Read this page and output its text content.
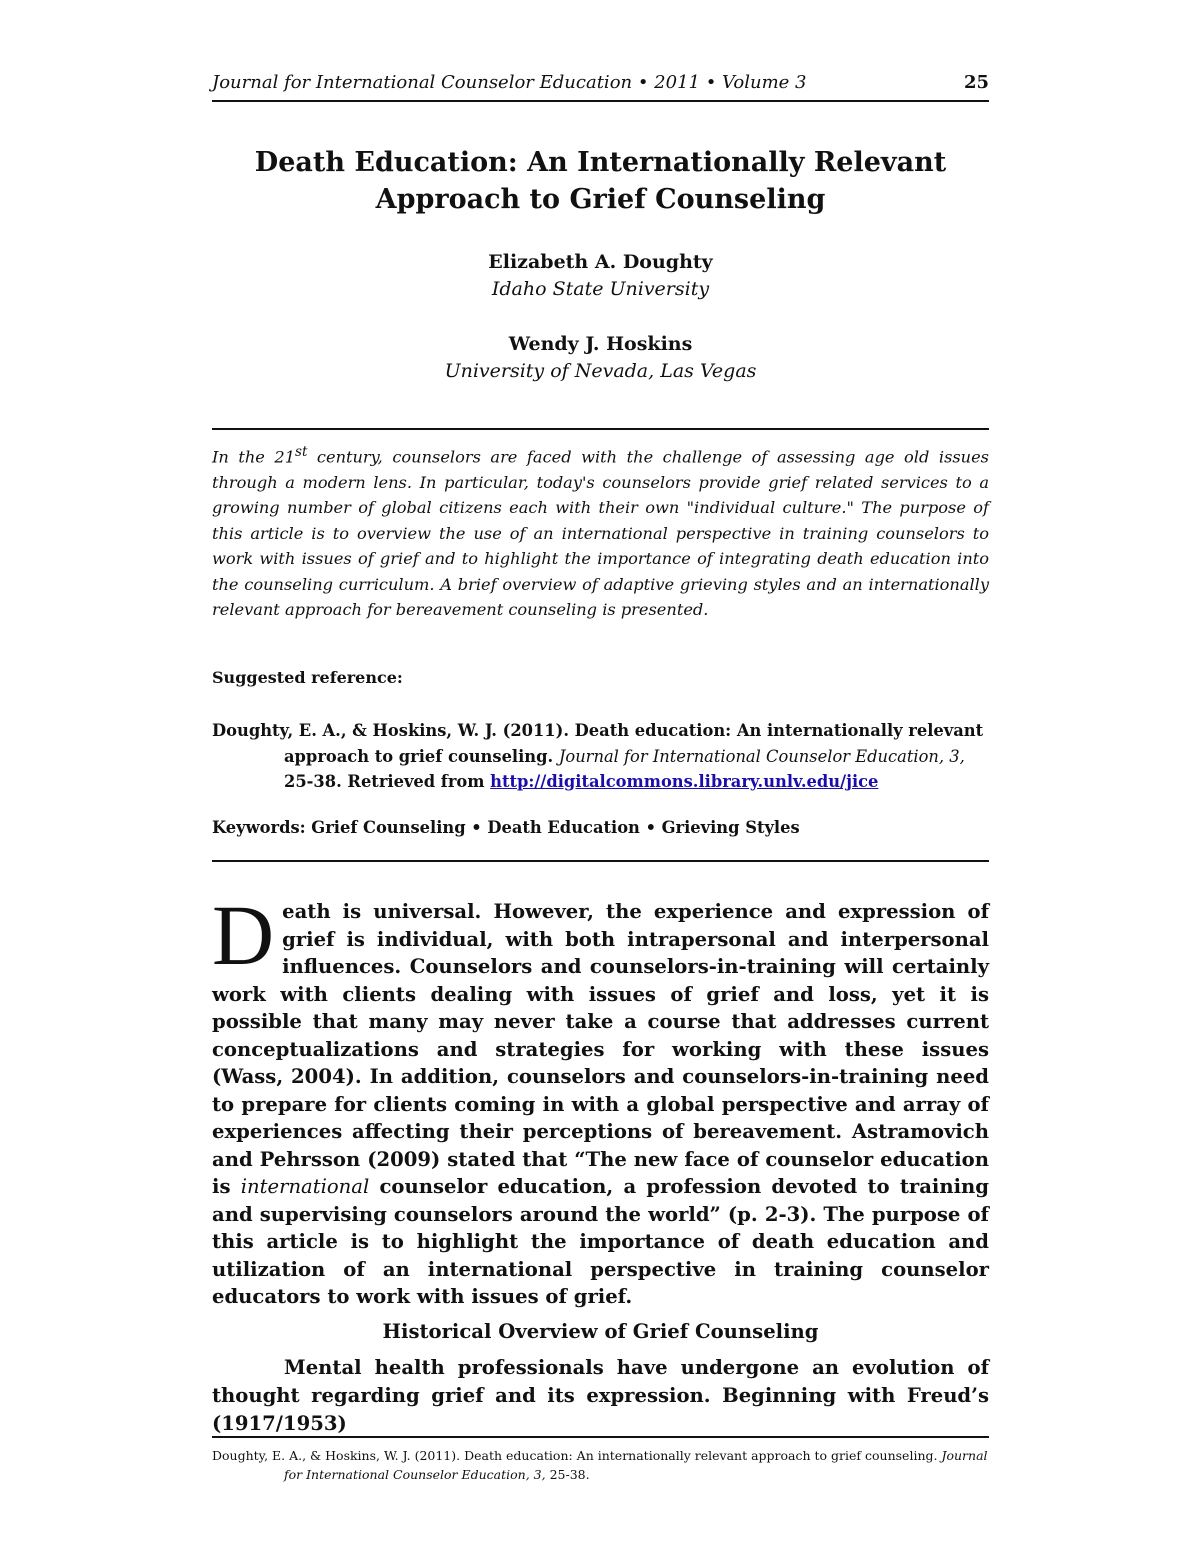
Journal for International Counselor Education • 2011 • Volume 3	25
Death Education: An Internationally Relevant
Approach to Grief Counseling
Elizabeth A. Doughty
Idaho State University
Wendy J. Hoskins
University of Nevada, Las Vegas
In the 21st century, counselors are faced with the challenge of assessing age old issues through a modern lens. In particular, today's counselors provide grief related services to a growing number of global citizens each with their own "individual culture." The purpose of this article is to overview the use of an international perspective in training counselors to work with issues of grief and to highlight the importance of integrating death education into the counseling curriculum. A brief overview of adaptive grieving styles and an internationally relevant approach for bereavement counseling is presented.
Suggested reference:
Doughty, E. A., & Hoskins, W. J. (2011). Death education: An internationally relevant approach to grief counseling. Journal for International Counselor Education, 3, 25-38. Retrieved from http://digitalcommons.library.unlv.edu/jice
Keywords: Grief Counseling • Death Education • Grieving Styles
Death is universal. However, the experience and expression of grief is individual, with both intrapersonal and interpersonal influences. Counselors and counselors-in-training will certainly work with clients dealing with issues of grief and loss, yet it is possible that many may never take a course that addresses current conceptualizations and strategies for working with these issues (Wass, 2004). In addition, counselors and counselors-in-training need to prepare for clients coming in with a global perspective and array of experiences affecting their perceptions of bereavement. Astramovich and Pehrsson (2009) stated that “The new face of counselor education is international counselor education, a profession devoted to training and supervising counselors around the world” (p. 2-3). The purpose of this article is to highlight the importance of death education and utilization of an international perspective in training counselor educators to work with issues of grief.
Historical Overview of Grief Counseling
Mental health professionals have undergone an evolution of thought regarding grief and its expression. Beginning with Freud’s (1917/1953)
Doughty, E. A., & Hoskins, W. J. (2011). Death education: An internationally relevant approach to grief counseling. Journal for International Counselor Education, 3, 25-38.
